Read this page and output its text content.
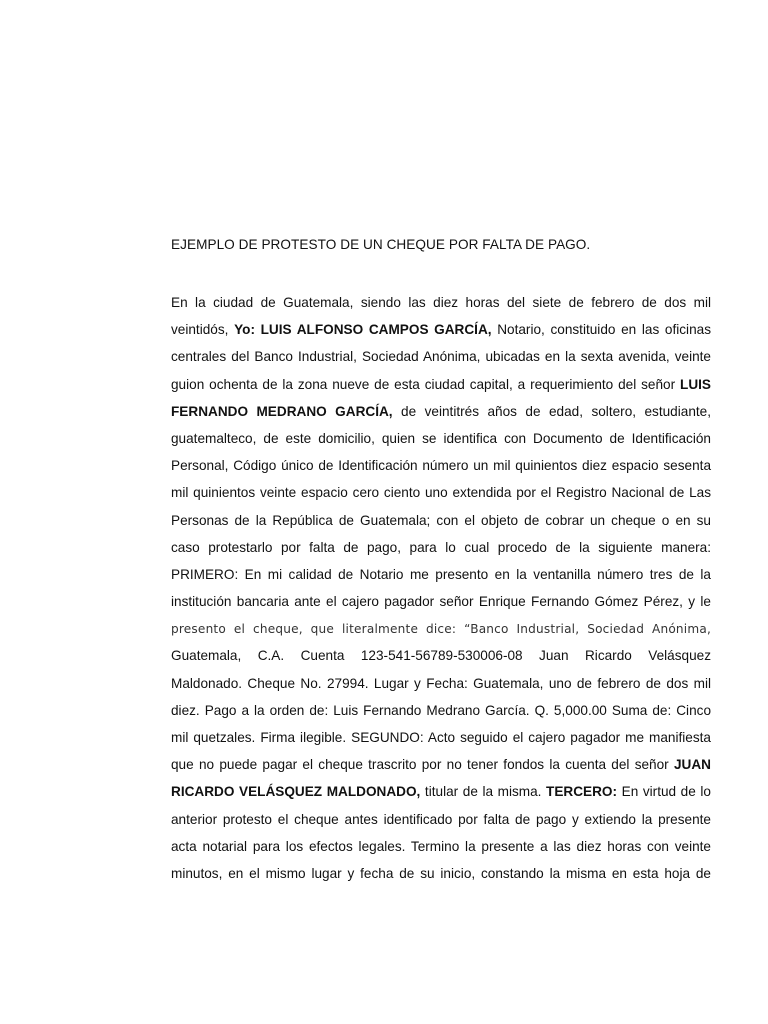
EJEMPLO DE PROTESTO DE UN CHEQUE POR FALTA DE PAGO.
En la ciudad de Guatemala, siendo las diez horas del siete de febrero de dos mil
veintidós, Yo: LUIS ALFONSO CAMPOS GARCÍA, Notario, constituido en las oficinas
centrales del Banco Industrial, Sociedad Anónima, ubicadas en la sexta avenida, veinte
guion ochenta de la zona nueve de esta ciudad capital, a requerimiento del señor LUIS
FERNANDO MEDRANO GARCÍA, de veintitrés años de edad, soltero, estudiante,
guatemalteco, de este domicilio, quien se identifica con Documento de Identificación
Personal, Código único de Identificación número un mil quinientos diez espacio sesenta
mil quinientos veinte espacio cero ciento uno extendida por el Registro Nacional de Las
Personas de la República de Guatemala; con el objeto de cobrar un cheque o en su
caso protestarlo por falta de pago, para lo cual procedo de la siguiente manera:
PRIMERO: En mi calidad de Notario me presento en la ventanilla número tres de la
institución bancaria ante el cajero pagador señor Enrique Fernando Gómez Pérez, y le
presento el cheque, que literalmente dice: “Banco Industrial, Sociedad Anónima,
Guatemala, C.A. Cuenta 123-541-56789-530006-08 Juan Ricardo Velásquez
Maldonado. Cheque No. 27994. Lugar y Fecha: Guatemala, uno de febrero de dos mil
diez. Pago a la orden de: Luis Fernando Medrano García. Q. 5,000.00 Suma de: Cinco
mil quetzales. Firma ilegible. SEGUNDO: Acto seguido el cajero pagador me manifiesta
que no puede pagar el cheque trascrito por no tener fondos la cuenta del señor JUAN
RICARDO VELÁSQUEZ MALDONADO, titular de la misma. TERCERO: En virtud de lo
anterior protesto el cheque antes identificado por falta de pago y extiendo la presente
acta notarial para los efectos legales. Termino la presente a las diez horas con veinte
minutos, en el mismo lugar y fecha de su inicio, constando la misma en esta hoja de
